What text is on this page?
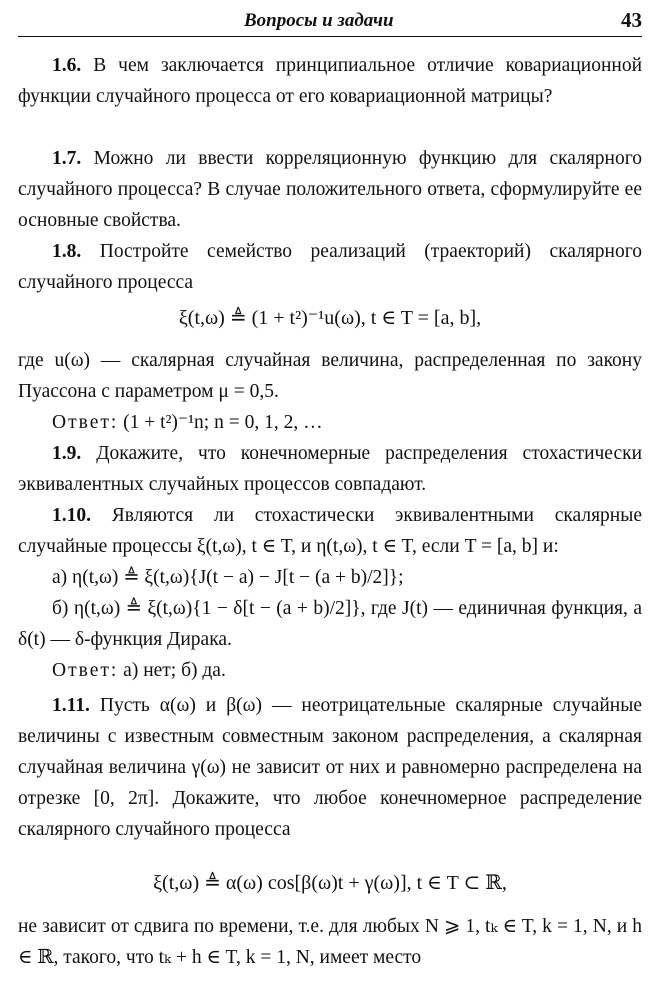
Вопросы и задачи	43

1.6. В чем заключается принципиальное отличие ковариационной функции случайного процесса от его ковариационной матрицы?

1.7. Можно ли ввести корреляционную функцию для скалярного случайного процесса? В случае положительного ответа, сформулируйте ее основные свойства.

1.8. Постройте семейство реализаций (траекторий) скалярного случайного процесса

ξ(t,ω) ≜ (1 + t²)⁻¹u(ω), t ∈ T = [a, b],

где u(ω) — скалярная случайная величина, распределенная по закону Пуассона с параметром μ = 0,5.

Ответ: (1 + t²)⁻¹n; n = 0, 1, 2, …

1.9. Докажите, что конечномерные распределения стохастически эквивалентных случайных процессов совпадают.

1.10. Являются ли стохастически эквивалентными скалярные случайные процессы ξ(t,ω), t ∈ T, и η(t,ω), t ∈ T, если T = [a, b] и:

а) η(t,ω) ≜ ξ(t,ω){J(t − a) − J[t − (a + b)/2]};

б) η(t,ω) ≜ ξ(t,ω){1 − δ[t − (a + b)/2]}, где J(t) — единичная функция, а δ(t) — δ-функция Дирака.

Ответ: а) нет; б) да.

1.11. Пусть α(ω) и β(ω) — неотрицательные скалярные случайные величины с известным совместным законом распределения, а скалярная случайная величина γ(ω) не зависит от них и равномерно распределена на отрезке [0, 2π]. Докажите, что любое конечномерное распределение скалярного случайного процесса

ξ(t,ω) ≜ α(ω) cos[β(ω)t + γ(ω)], t ∈ T ⊂ ℝ,

не зависит от сдвига по времени, т.е. для любых N ⩾ 1, tₖ ∈ T, k = 1, N, и h ∈ ℝ, такого, что tₖ + h ∈ T, k = 1, N, имеет место
